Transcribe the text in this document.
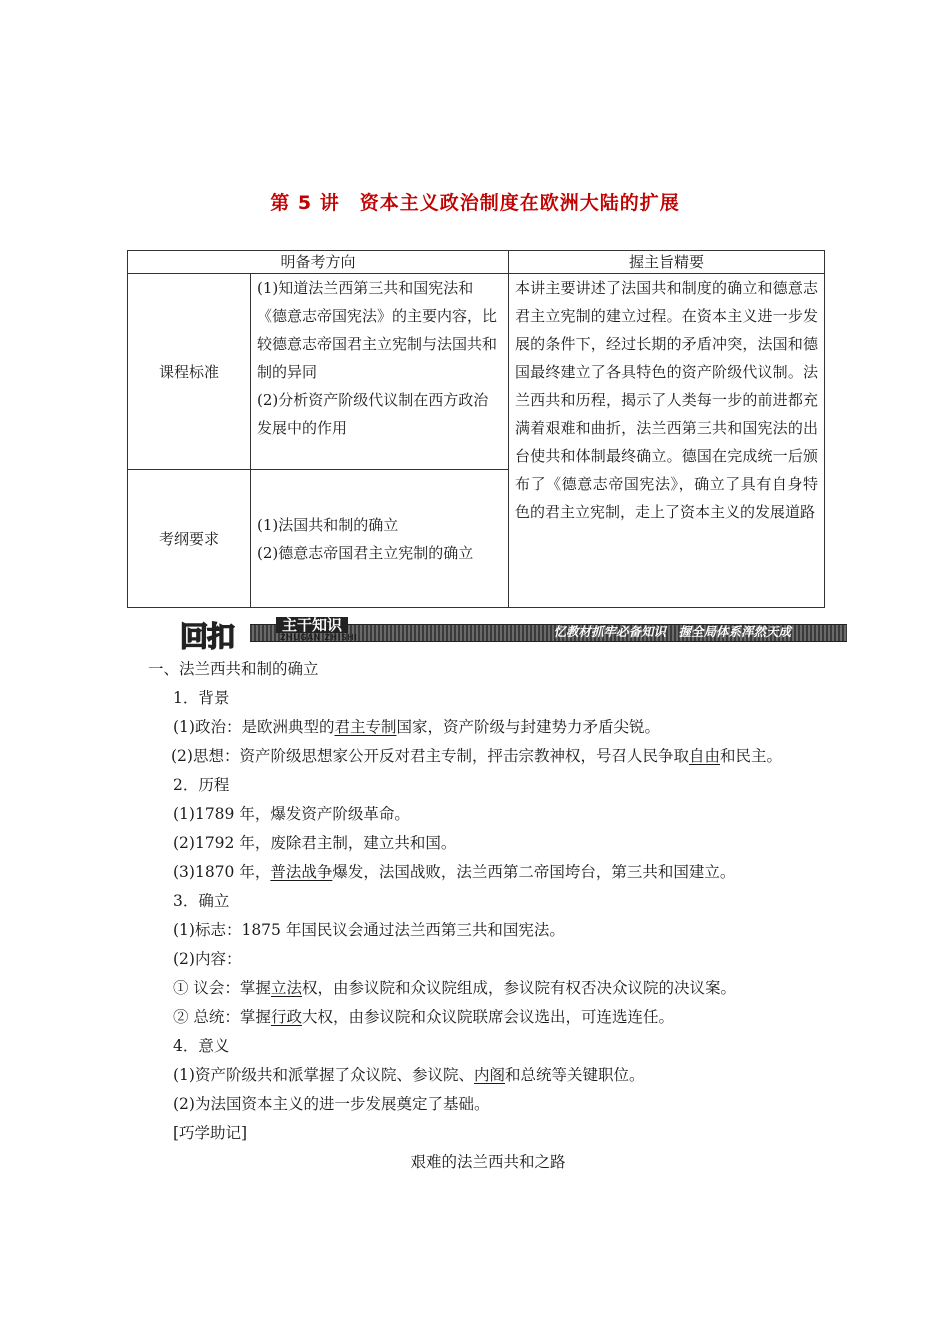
第 5 讲　资本主义政治制度在欧洲大陆的扩展
明备考方向		握主旨精要
课程标准	(1)知道法兰西第三共和国宪法和《德意志帝国宪法》的主要内容，比较德意志帝国君主立宪制与法国共和制的异同
(2)分析资产阶级代议制在西方政治发展中的作用	本讲主要讲述了法国共和制度的确立和德意志君主立宪制的建立过程。在资本主义进一步发展的条件下，经过长期的矛盾冲突，法国和德国最终建立了各具特色的资产阶级代议制。法兰西共和历程，揭示了人类每一步的前进都充满着艰难和曲折，法兰西第三共和国宪法的出台使共和体制最终确立。德国在完成统一后颁布了《德意志帝国宪法》，确立了具有自身特色的君主立宪制，走上了资本主义的发展道路
考纲要求	(1)法国共和制的确立
(2)德意志帝国君主立宪制的确立	
回扣	主干知识
ZHUGAN ZHISHI	忆教材抓牢必备知识　握全局体系浑然天成

一、法兰西共和制的确立

1．背景

(1)政治：是欧洲典型的君主专制国家，资产阶级与封建势力矛盾尖锐。

(2)思想：资产阶级思想家公开反对君主专制，抨击宗教神权，号召人民争取自由和民主。

2．历程

(1)1789 年，爆发资产阶级革命。

(2)1792 年，废除君主制，建立共和国。

(3)1870 年，普法战争爆发，法国战败，法兰西第二帝国垮台，第三共和国建立。

3．确立

(1)标志：1875 年国民议会通过法兰西第三共和国宪法。

(2)内容：

① 议会：掌握立法权，由参议院和众议院组成，参议院有权否决众议院的决议案。

② 总统：掌握行政大权，由参议院和众议院联席会议选出，可连选连任。

4．意义

(1)资产阶级共和派掌握了众议院、参议院、内阁和总统等关键职位。

(2)为法国资本主义的进一步发展奠定了基础。

[巧学助记]

艰难的法兰西共和之路
